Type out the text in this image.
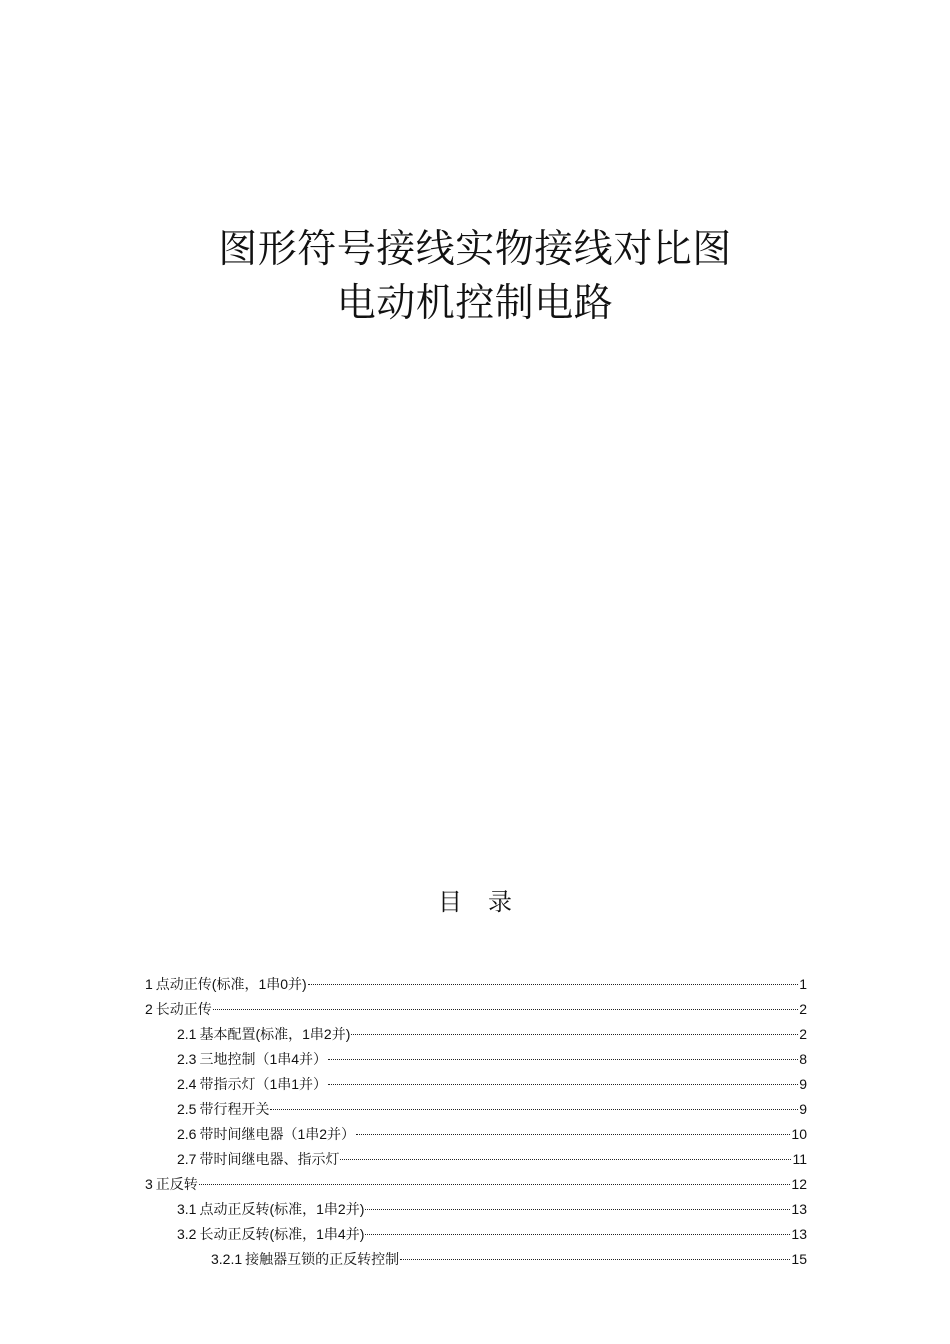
图形符号接线实物接线对比图
电动机控制电路
目录
1 点动正传(标准，1串0并)	1
2 长动正传	2
2.1 基本配置(标准，1串2并)	2
2.3 三地控制（1串4并）	8
2.4 带指示灯（1串1并）	9
2.5 带行程开关	9
2.6 带时间继电器（1串2并）	10
2.7 带时间继电器、指示灯	11
3 正反转	12
3.1 点动正反转(标准，1串2并)	13
3.2 长动正反转(标准，1串4并)	13
3.2.1 接触器互锁的正反转控制	15
